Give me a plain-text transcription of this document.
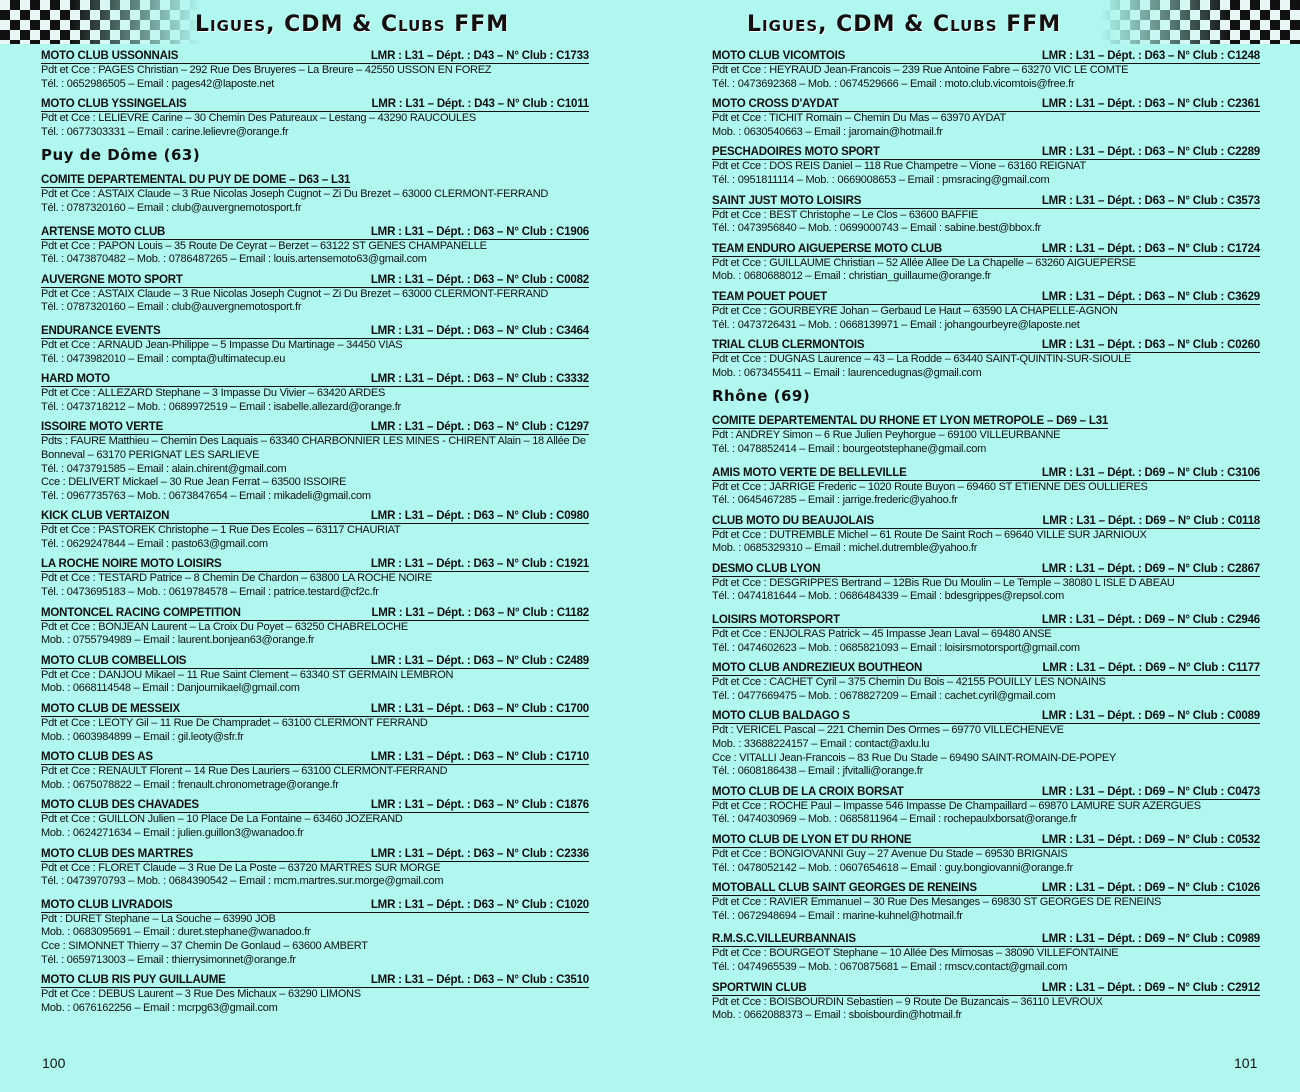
Ligues, CDM & Clubs FFM
MOTO CLUB USSONNAIS	LMR : L31 – Dépt. : D43 – N° Club : C1733
Pdt et Cce : PAGES Christian – 292 Rue Des Bruyeres – La Breure – 42550 USSON EN FOREZ
Tél. : 0652986505 – Email : pages42@laposte.net
MOTO CLUB YSSINGELAIS	LMR : L31 – Dépt. : D43 – N° Club : C1011
Pdt et Cce : LELIEVRE Carine – 30 Chemin Des Patureaux – Lestang – 43290 RAUCOULES
Tél. : 0677303331 – Email : carine.lelievre@orange.fr
Puy de Dôme (63)
COMITE DEPARTEMENTAL DU PUY DE DOME – D63 – L31
Pdt et Cce : ASTAIX Claude – 3 Rue Nicolas Joseph Cugnot – Zi Du Brezet – 63000 CLERMONT-FERRAND
Tél. : 0787320160 – Email : club@auvergnemotosport.fr
ARTENSE MOTO CLUB	LMR : L31 – Dépt. : D63 – N° Club : C1906
Pdt et Cce : PAPON Louis – 35 Route De Ceyrat – Berzet – 63122 ST GENES CHAMPANELLE
Tél. : 0473870482 – Mob. : 0786487265 – Email : louis.artensemoto63@gmail.com
AUVERGNE MOTO SPORT	LMR : L31 – Dépt. : D63 – N° Club : C0082
Pdt et Cce : ASTAIX Claude – 3 Rue Nicolas Joseph Cugnot – Zi Du Brezet – 63000 CLERMONT-FERRAND
Tél. : 0787320160 – Email : club@auvergnemotosport.fr
ENDURANCE EVENTS	LMR : L31 – Dépt. : D63 – N° Club : C3464
Pdt et Cce : ARNAUD Jean-Philippe – 5 Impasse Du Martinage – 34450 VIAS
Tél. : 0473982010 – Email : compta@ultimatecup.eu
HARD MOTO	LMR : L31 – Dépt. : D63 – N° Club : C3332
Pdt et Cce : ALLEZARD Stephane – 3 Impasse Du Vivier – 63420 ARDES
Tél. : 0473718212 – Mob. : 0689972519 – Email : isabelle.allezard@orange.fr
ISSOIRE MOTO VERTE	LMR : L31 – Dépt. : D63 – N° Club : C1297
Pdts : FAURE Matthieu – Chemin Des Laquais – 63340 CHARBONNIER LES MINES - CHIRENT Alain – 18 Allée De Bonneval – 63170 PERIGNAT LES SARLIEVE
Tél. : 0473791585 – Email : alain.chirent@gmail.com
Cce : DELIVERT Mickael – 30 Rue Jean Ferrat – 63500 ISSOIRE
Tél. : 0967735763 – Mob. : 0673847654 – Email : mikadeli@gmail.com
KICK CLUB VERTAIZON	LMR : L31 – Dépt. : D63 – N° Club : C0980
Pdt et Cce : PASTOREK Christophe – 1 Rue Des Ecoles – 63117 CHAURIAT
Tél. : 0629247844 – Email : pasto63@gmail.com
LA ROCHE NOIRE MOTO LOISIRS	LMR : L31 – Dépt. : D63 – N° Club : C1921
Pdt et Cce : TESTARD Patrice – 8 Chemin De Chardon – 63800 LA ROCHE NOIRE
Tél. : 0473695183 – Mob. : 0619784578 – Email : patrice.testard@cf2c.fr
MONTONCEL RACING COMPETITION	LMR : L31 – Dépt. : D63 – N° Club : C1182
Pdt et Cce : BONJEAN Laurent – La Croix Du Poyet – 63250 CHABRELOCHE
Mob. : 0755794989 – Email : laurent.bonjean63@orange.fr
MOTO CLUB COMBELLOIS	LMR : L31 – Dépt. : D63 – N° Club : C2489
Pdt et Cce : DANJOU Mikael – 11 Rue Saint Clement – 63340 ST GERMAIN LEMBRON
Mob. : 0668114548 – Email : Danjournikael@gmail.com
MOTO CLUB DE MESSEIX	LMR : L31 – Dépt. : D63 – N° Club : C1700
Pdt et Cce : LEOTY Gil – 11 Rue De Champradet – 63100 CLERMONT FERRAND
Mob. : 0603984899 – Email : gil.leoty@sfr.fr
MOTO CLUB DES AS	LMR : L31 – Dépt. : D63 – N° Club : C1710
Pdt et Cce : RENAULT Florent – 14 Rue Des Lauriers – 63100 CLERMONT-FERRAND
Mob. : 0675078822 – Email : frenault.chronometrage@orange.fr
MOTO CLUB DES CHAVADES	LMR : L31 – Dépt. : D63 – N° Club : C1876
Pdt et Cce : GUILLON Julien – 10 Place De La Fontaine – 63460 JOZERAND
Mob. : 0624271634 – Email : julien.guillon3@wanadoo.fr
MOTO CLUB DES MARTRES	LMR : L31 – Dépt. : D63 – N° Club : C2336
Pdt et Cce : FLORET Claude – 3 Rue De La Poste – 63720 MARTRES SUR MORGE
Tél. : 0473970793 – Mob. : 0684390542 – Email : mcm.martres.sur.morge@gmail.com
MOTO CLUB LIVRADOIS	LMR : L31 – Dépt. : D63 – N° Club : C1020
Pdt : DURET Stephane – La Souche – 63990 JOB
Mob. : 0683095691 – Email : duret.stephane@wanadoo.fr
Cce : SIMONNET Thierry – 37 Chemin De Gonlaud – 63600 AMBERT
Tél. : 0659713003 – Email : thierrysimonnet@orange.fr
MOTO CLUB RIS PUY GUILLAUME	LMR : L31 – Dépt. : D63 – N° Club : C3510
Pdt et Cce : DEBUS Laurent – 3 Rue Des Michaux – 63290 LIMONS
Mob. : 0676162256 – Email : mcrpg63@gmail.com
100
Ligues, CDM & Clubs FFM
MOTO CLUB VICOMTOIS	LMR : L31 – Dépt. : D63 – N° Club : C1248
Pdt et Cce : HEYRAUD Jean-Francois – 239 Rue Antoine Fabre – 63270 VIC LE COMTE
Tél. : 0473692368 – Mob. : 0674529666 – Email : moto.club.vicomtois@free.fr
MOTO CROSS D'AYDAT	LMR : L31 – Dépt. : D63 – N° Club : C2361
Pdt et Cce : TICHIT Romain – Chemin Du Mas – 63970 AYDAT
Mob. : 0630540663 – Email : jaromain@hotmail.fr
PESCHADOIRES MOTO SPORT	LMR : L31 – Dépt. : D63 – N° Club : C2289
Pdt et Cce : DOS REIS Daniel – 118 Rue Champetre – Vione – 63160 REIGNAT
Tél. : 0951811114 – Mob. : 0669008653 – Email : pmsracing@gmail.com
SAINT JUST MOTO LOISIRS	LMR : L31 – Dépt. : D63 – N° Club : C3573
Pdt et Cce : BEST Christophe – Le Clos – 63600 BAFFIE
Tél. : 0473956840 – Mob. : 0699000743 – Email : sabine.best@bbox.fr
TEAM ENDURO AIGUEPERSE MOTO CLUB	LMR : L31 – Dépt. : D63 – N° Club : C1724
Pdt et Cce : GUILLAUME Christian – 52 Allée Allee De La Chapelle – 63260 AIGUEPERSE
Mob. : 0680688012 – Email : christian_guillaume@orange.fr
TEAM POUET POUET	LMR : L31 – Dépt. : D63 – N° Club : C3629
Pdt et Cce : GOURBEYRE Johan – Gerbaud Le Haut – 63590 LA CHAPELLE-AGNON
Tél. : 0473726431 – Mob. : 0668139971 – Email : johangourbeyre@laposte.net
TRIAL CLUB CLERMONTOIS	LMR : L31 – Dépt. : D63 – N° Club : C0260
Pdt et Cce : DUGNAS Laurence – 43 – La Rodde – 63440 SAINT-QUINTIN-SUR-SIOULE
Mob. : 0673455411 – Email : laurencedugnas@gmail.com
Rhône (69)
COMITE DEPARTEMENTAL DU RHONE ET LYON METROPOLE – D69 – L31
Pdt : ANDREY Simon – 6 Rue Julien Peyhorgue – 69100 VILLEURBANNE
Tél. : 0478852414 – Email : bourgeotstephane@gmail.com
AMIS MOTO VERTE DE BELLEVILLE	LMR : L31 – Dépt. : D69 – N° Club : C3106
Pdt et Cce : JARRIGE Frederic – 1020 Route Buyon – 69460 ST ETIENNE DES OULLIERES
Tél. : 0645467285 – Email : jarrige.frederic@yahoo.fr
CLUB MOTO DU BEAUJOLAIS	LMR : L31 – Dépt. : D69 – N° Club : C0118
Pdt et Cce : DUTREMBLE Michel – 61 Route De Saint Roch – 69640 VILLE SUR JARNIOUX
Mob. : 0685329310 – Email : michel.dutremble@yahoo.fr
DESMO CLUB LYON	LMR : L31 – Dépt. : D69 – N° Club : C2867
Pdt et Cce : DESGRIPPES Bertrand – 12Bis Rue Du Moulin – Le Temple – 38080 L ISLE D ABEAU
Tél. : 0474181644 – Mob. : 0686484339 – Email : bdesgrippes@repsol.com
LOISIRS MOTORSPORT	LMR : L31 – Dépt. : D69 – N° Club : C2946
Pdt et Cce : ENJOLRAS Patrick – 45 Impasse Jean Laval – 69480 ANSE
Tél. : 0474602623 – Mob. : 0685821093 – Email : loisirsmotorsport@gmail.com
MOTO CLUB ANDREZIEUX BOUTHEON	LMR : L31 – Dépt. : D69 – N° Club : C1177
Pdt et Cce : CACHET Cyril – 375 Chemin Du Bois – 42155 POUILLY LES NONAINS
Tél. : 0477669475 – Mob. : 0678827209 – Email : cachet.cyril@gmail.com
MOTO CLUB BALDAGO S	LMR : L31 – Dépt. : D69 – N° Club : C0089
Pdt : VERICEL Pascal – 221 Chemin Des Ormes – 69770 VILLECHENEVE
Mob. : 33688224157 – Email : contact@axlu.lu
Cce : VITALLI Jean-Francois – 83 Rue Du Stade – 69490 SAINT-ROMAIN-DE-POPEY
Tél. : 0608186438 – Email : jfvitalli@orange.fr
MOTO CLUB DE LA CROIX BORSAT	LMR : L31 – Dépt. : D69 – N° Club : C0473
Pdt et Cce : ROCHE Paul – Impasse 546 Impasse De Champaillard – 69870 LAMURE SUR AZERGUES
Tél. : 0474030969 – Mob. : 0685811964 – Email : rochepaulxborsat@orange.fr
MOTO CLUB DE LYON ET DU RHONE	LMR : L31 – Dépt. : D69 – N° Club : C0532
Pdt et Cce : BONGIOVANNI Guy – 27 Avenue Du Stade – 69530 BRIGNAIS
Tél. : 0478052142 – Mob. : 0607654618 – Email : guy.bongiovanni@orange.fr
MOTOBALL CLUB SAINT GEORGES DE RENEINS	LMR : L31 – Dépt. : D69 – N° Club : C1026
Pdt et Cce : RAVIER Emmanuel – 30 Rue Des Mesanges – 69830 ST GEORGES DE RENEINS
Tél. : 0672948694 – Email : marine-kuhnel@hotmail.fr
R.M.S.C.VILLEURBANNAIS	LMR : L31 – Dépt. : D69 – N° Club : C0989
Pdt et Cce : BOURGEOT Stephane – 10 Allée Des Mimosas – 38090 VILLEFONTAINE
Tél. : 0474965539 – Mob. : 0670875681 – Email : rmscv.contact@gmail.com
SPORTWIN CLUB	LMR : L31 – Dépt. : D69 – N° Club : C2912
Pdt et Cce : BOISBOURDIN Sebastien – 9 Route De Buzancais – 36110 LEVROUX
Mob. : 0662088373 – Email : sboisbourdin@hotmail.fr
101
